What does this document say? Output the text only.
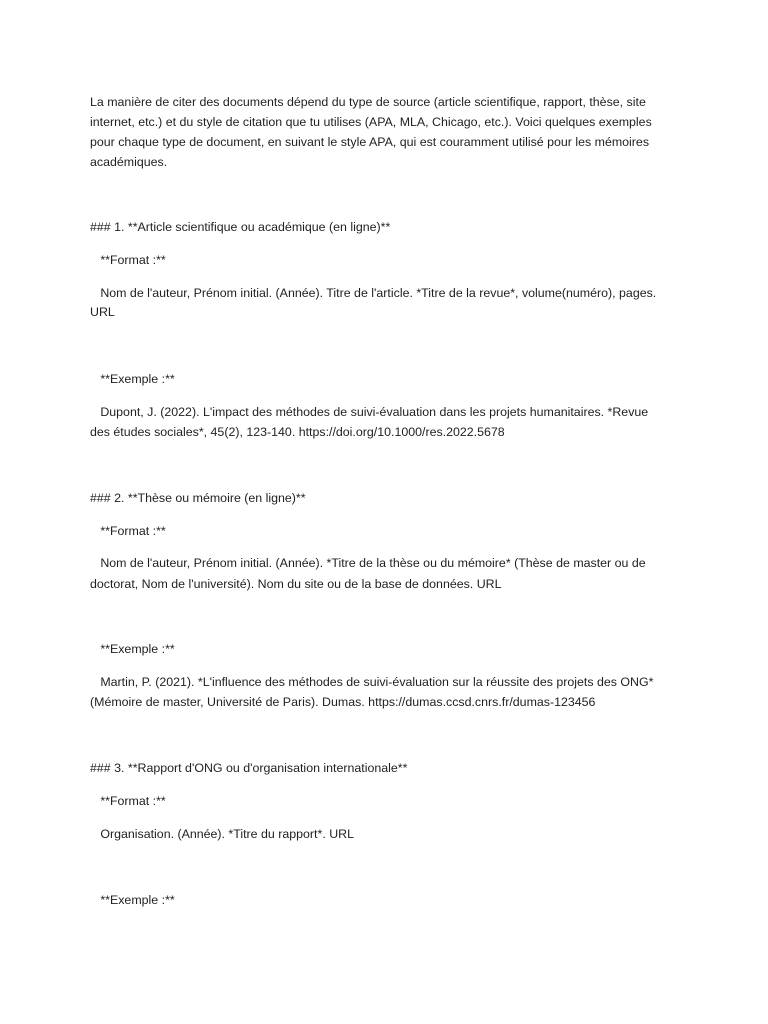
La manière de citer des documents dépend du type de source (article scientifique, rapport, thèse, site

internet, etc.) et du style de citation que tu utilises (APA, MLA, Chicago, etc.). Voici quelques exemples

pour chaque type de document, en suivant le style APA, qui est couramment utilisé pour les mémoires

académiques.

### 1. **Article scientifique ou académique (en ligne)**

**Format :**

Nom de l'auteur, Prénom initial. (Année). Titre de l'article. *Titre de la revue*, volume(numéro), pages.

URL

**Exemple :**

Dupont, J. (2022). L'impact des méthodes de suivi-évaluation dans les projets humanitaires. *Revue

des études sociales*, 45(2), 123-140. https://doi.org/10.1000/res.2022.5678

### 2. **Thèse ou mémoire (en ligne)**

**Format :**

Nom de l'auteur, Prénom initial. (Année). *Titre de la thèse ou du mémoire* (Thèse de master ou de

doctorat, Nom de l'université). Nom du site ou de la base de données. URL

**Exemple :**

Martin, P. (2021). *L'influence des méthodes de suivi-évaluation sur la réussite des projets des ONG*

(Mémoire de master, Université de Paris). Dumas. https://dumas.ccsd.cnrs.fr/dumas-123456

### 3. **Rapport d'ONG ou d'organisation internationale**

**Format :**

Organisation. (Année). *Titre du rapport*. URL

**Exemple :**
